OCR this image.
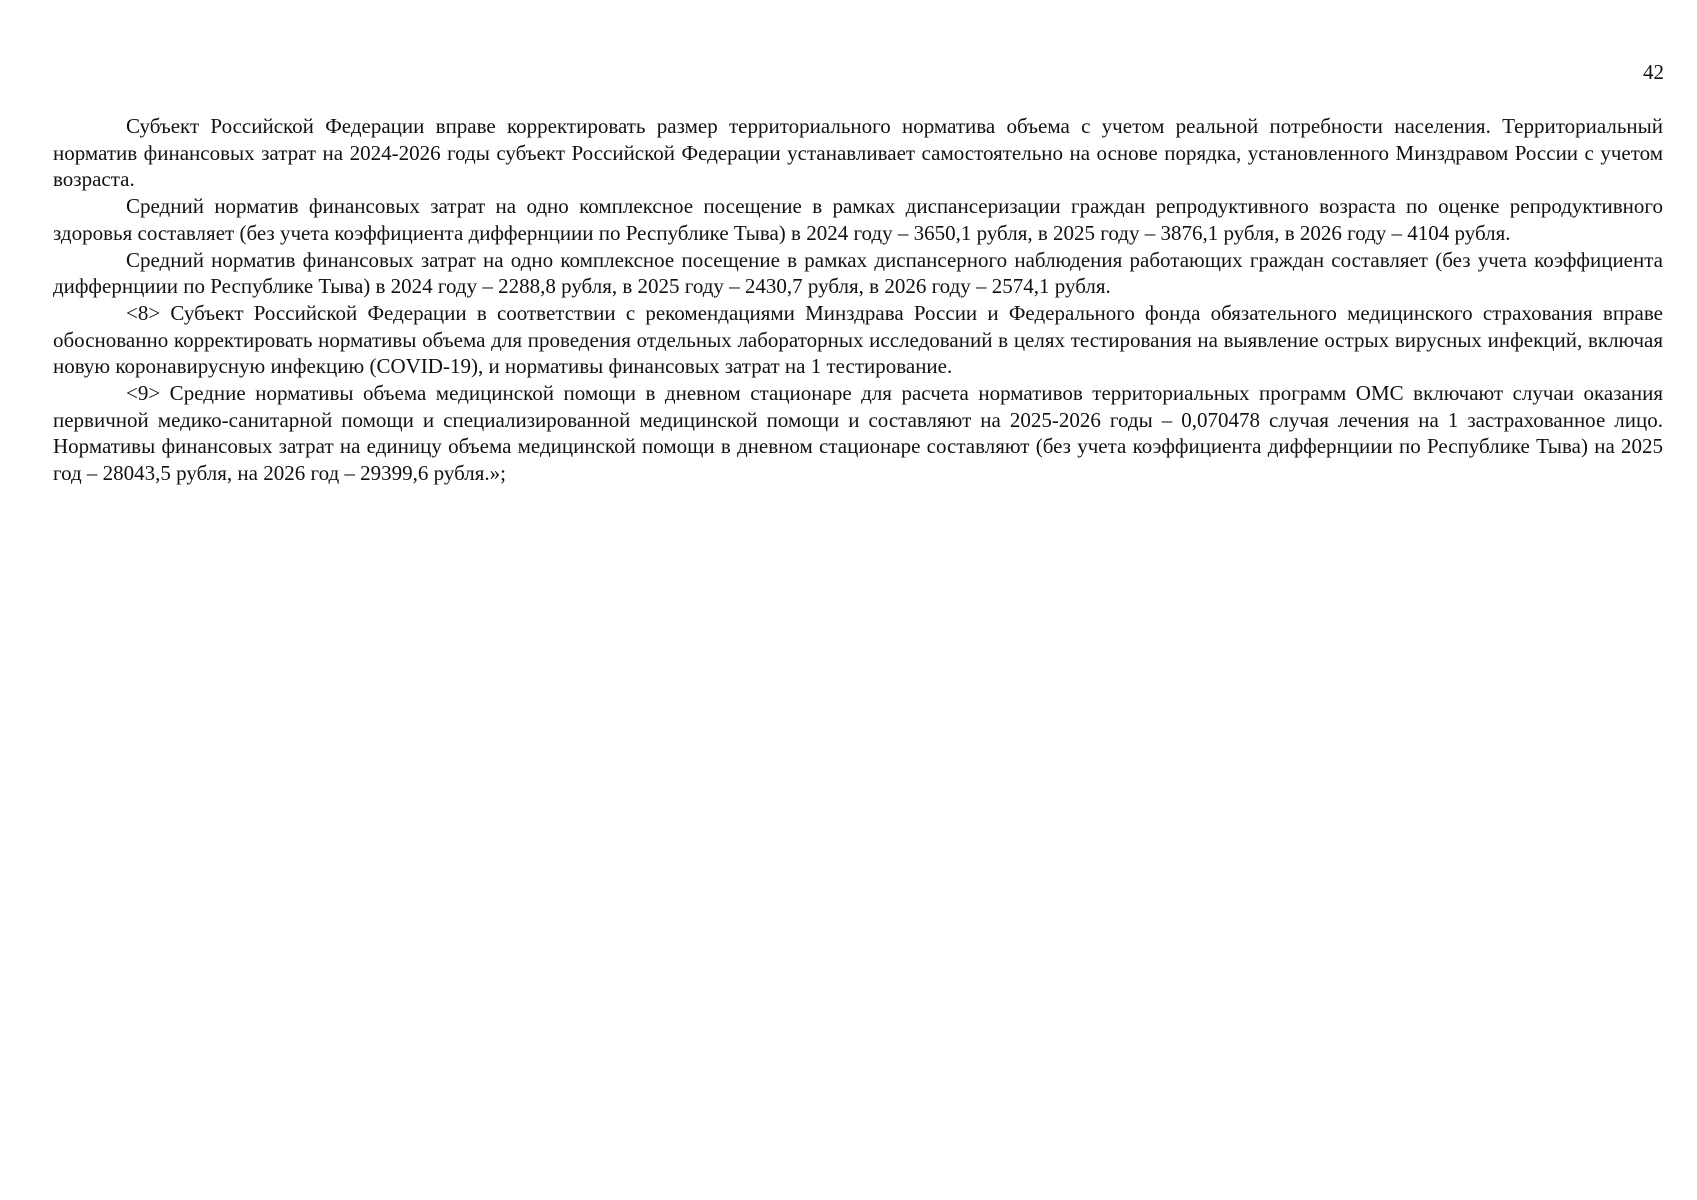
42

Субъект Российской Федерации вправе корректировать размер территориального норматива объема с учетом реальной потребности населения. Территориальный норматив финансовых затрат на 2024-2026 годы субъект Российской Федерации устанавливает самостоятельно на основе порядка, установленного Минздравом России с учетом возраста.

Средний норматив финансовых затрат на одно комплексное посещение в рамках диспансеризации граждан репродуктивного возраста по оценке репродуктивного здоровья составляет (без учета коэффициента диффернциии по Республике Тыва) в 2024 году – 3650,1 рубля, в 2025 году – 3876,1 рубля, в 2026 году – 4104 рубля.

Средний норматив финансовых затрат на одно комплексное посещение в рамках диспансерного наблюдения работающих граждан составляет (без учета коэффициента диффернциии по Республике Тыва) в 2024 году – 2288,8 рубля, в 2025 году – 2430,7 рубля, в 2026 году – 2574,1 рубля.

<8> Субъект Российской Федерации в соответствии с рекомендациями Минздрава России и Федерального фонда обязательного медицинского страхования вправе обоснованно корректировать нормативы объема для проведения отдельных лабораторных исследований в целях тестирования на выявление острых вирусных инфекций, включая новую коронавирусную инфекцию (COVID-19), и нормативы финансовых затрат на 1 тестирование.

<9> Средние нормативы объема медицинской помощи в дневном стационаре для расчета нормативов территориальных программ ОМС включают случаи оказания первичной медико-санитарной помощи и специализированной медицинской помощи и составляют на 2025-2026 годы – 0,070478 случая лечения на 1 застрахованное лицо. Нормативы финансовых затрат на единицу объема медицинской помощи в дневном стационаре составляют (без учета коэффициента диффернциии по Республике Тыва) на 2025 год – 28043,5 рубля, на 2026 год – 29399,6 рубля.»;
